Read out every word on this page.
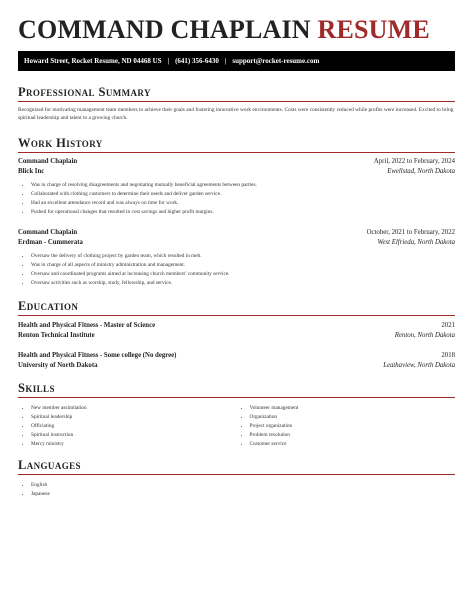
COMMAND CHAPLAIN RESUME
Howard Street, Rocket Resume, ND 04468 US | (641) 356-6430 | support@rocket-resume.com
Professional Summary
Recognized for motivating management team members to achieve their goals and fostering innovative work environments. Costs were consistently reduced while profits were increased. Excited to bring spiritual leadership and talent to a growing church.
Work History
Command Chaplain	April, 2022 to February, 2024
Blick Inc	Ewellstad, North Dakota
• Was in charge of resolving disagreements and negotiating mutually beneficial agreements between parties.
• Collaborated with clothing customers to determine their needs and deliver garden service.
• Had an excellent attendance record and was always on time for work.
• Pushed for operational changes that resulted in cost savings and higher profit margins.
Command Chaplain	October, 2021 to February, 2022
Erdman - Cummerata	West Elfrieda, North Dakota
• Oversaw the delivery of clothing project by garden team, which resulted in meb.
• Was in charge of all aspects of ministry administration and management.
• Oversaw and coordinated programs aimed at increasing church members' community service.
• Oversaw activities such as worship, study, fellowship, and service.
Education
Health and Physical Fitness - Master of Science	2021
Renton Technical Institute	Renton, North Dakota
Health and Physical Fitness - Some college (No degree)	2018
University of North Dakota	Leathaview, North Dakota
Skills
• New member assimilation
• Spiritual leadership
• Officiating
• Spiritual instruction
• Mercy ministry
• Volunteer management
• Organization
• Project organization
• Problem resolution
• Customer service
Languages
• English
• Japanese
